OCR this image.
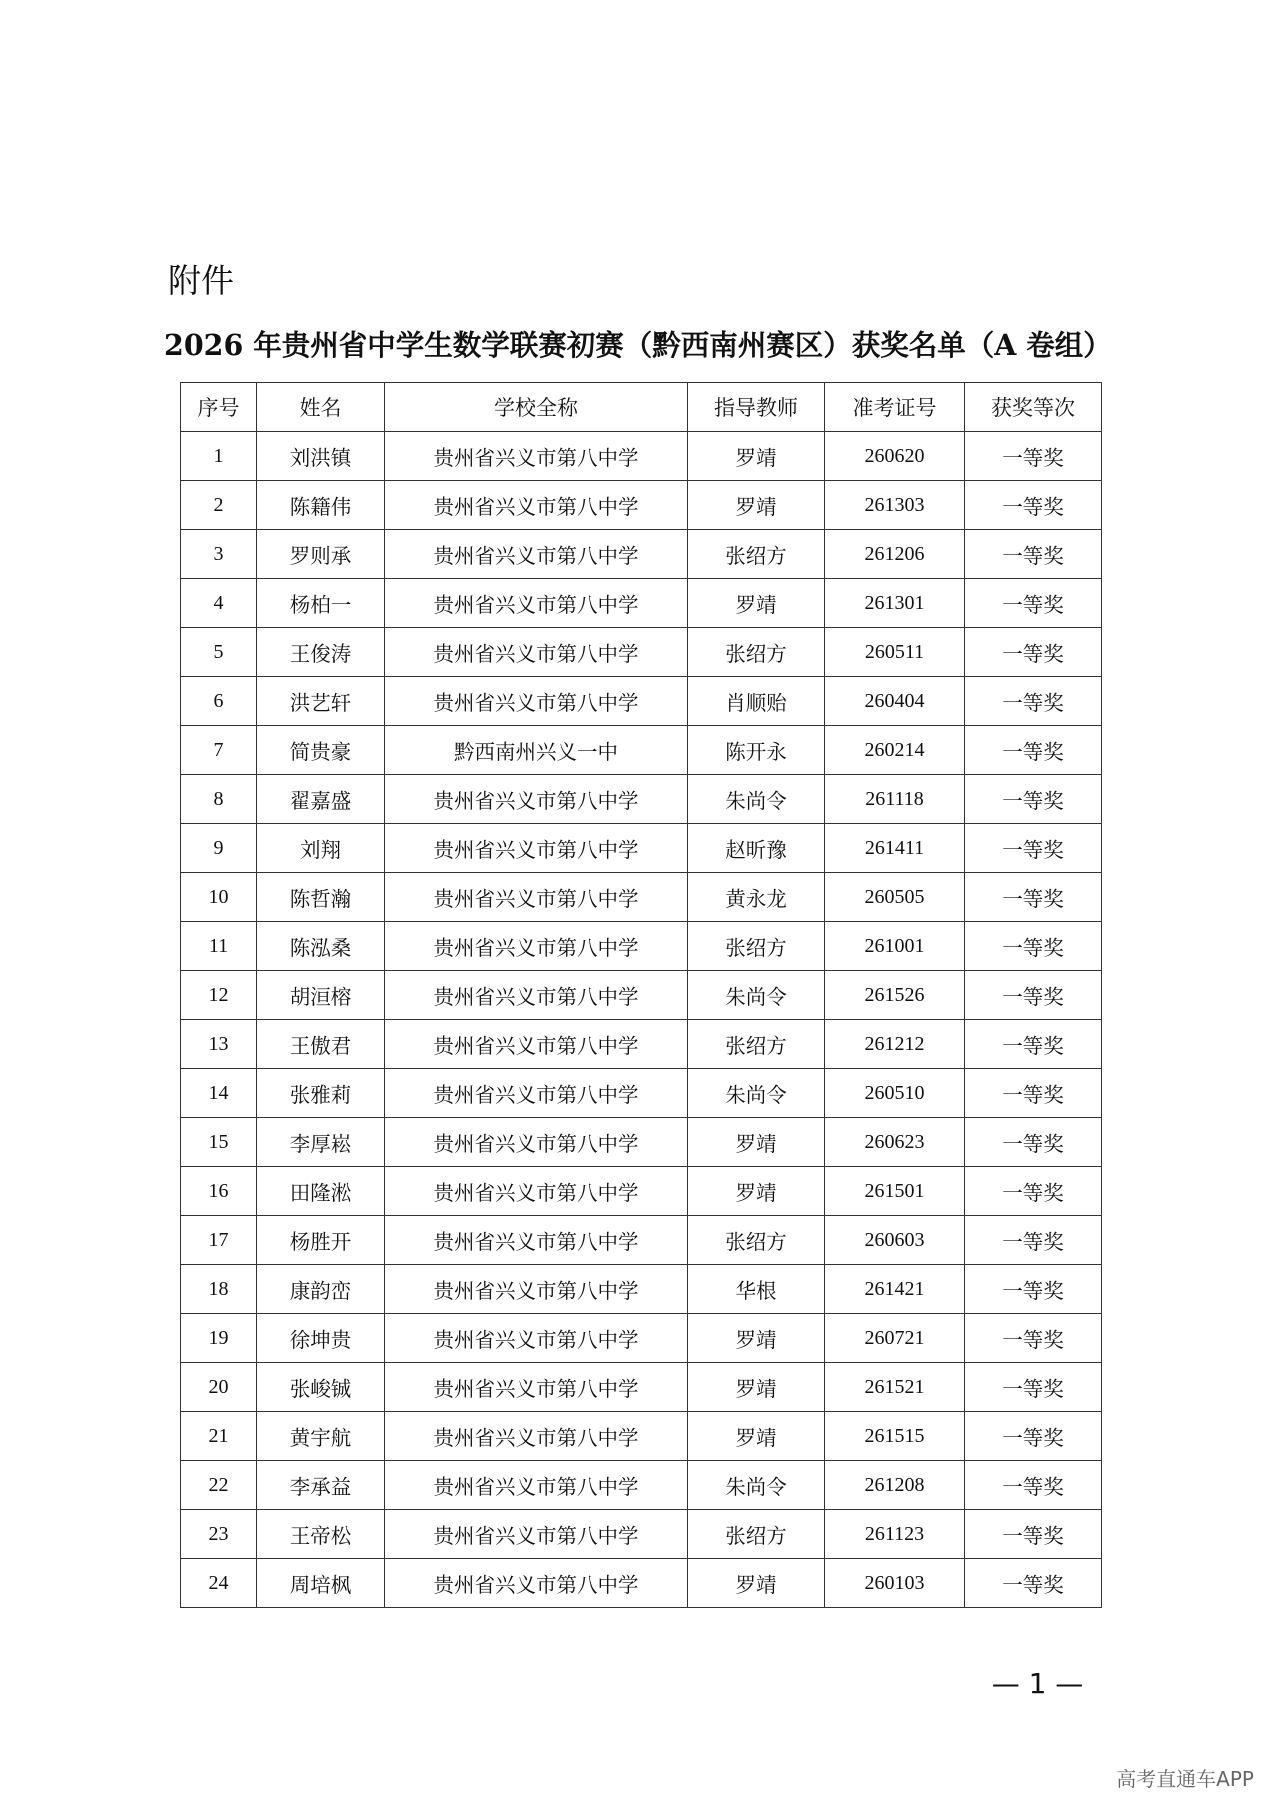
附件
2026 年贵州省中学生数学联赛初赛（黔西南州赛区）获奖名单（A 卷组）
序号	姓名	学校全称	指导教师	准考证号	获奖等次
1	刘洪镇	贵州省兴义市第八中学	罗靖	260620	一等奖
2	陈籍伟	贵州省兴义市第八中学	罗靖	261303	一等奖
3	罗则承	贵州省兴义市第八中学	张绍方	261206	一等奖
4	杨柏一	贵州省兴义市第八中学	罗靖	261301	一等奖
5	王俊涛	贵州省兴义市第八中学	张绍方	260511	一等奖
6	洪艺轩	贵州省兴义市第八中学	肖顺贻	260404	一等奖
7	简贵豪	黔西南州兴义一中	陈开永	260214	一等奖
8	翟嘉盛	贵州省兴义市第八中学	朱尚令	261118	一等奖
9	刘翔	贵州省兴义市第八中学	赵昕豫	261411	一等奖
10	陈哲瀚	贵州省兴义市第八中学	黄永龙	260505	一等奖
11	陈泓桑	贵州省兴义市第八中学	张绍方	261001	一等奖
12	胡洹榕	贵州省兴义市第八中学	朱尚令	261526	一等奖
13	王傲君	贵州省兴义市第八中学	张绍方	261212	一等奖
14	张雅莉	贵州省兴义市第八中学	朱尚令	260510	一等奖
15	李厚崧	贵州省兴义市第八中学	罗靖	260623	一等奖
16	田隆淞	贵州省兴义市第八中学	罗靖	261501	一等奖
17	杨胜开	贵州省兴义市第八中学	张绍方	260603	一等奖
18	康韵峦	贵州省兴义市第八中学	华根	261421	一等奖
19	徐坤贵	贵州省兴义市第八中学	罗靖	260721	一等奖
20	张峻铖	贵州省兴义市第八中学	罗靖	261521	一等奖
21	黄宇航	贵州省兴义市第八中学	罗靖	261515	一等奖
22	李承益	贵州省兴义市第八中学	朱尚令	261208	一等奖
23	王帝松	贵州省兴义市第八中学	张绍方	261123	一等奖
24	周培枫	贵州省兴义市第八中学	罗靖	260103	一等奖
— 1 —
高考直通车APP
